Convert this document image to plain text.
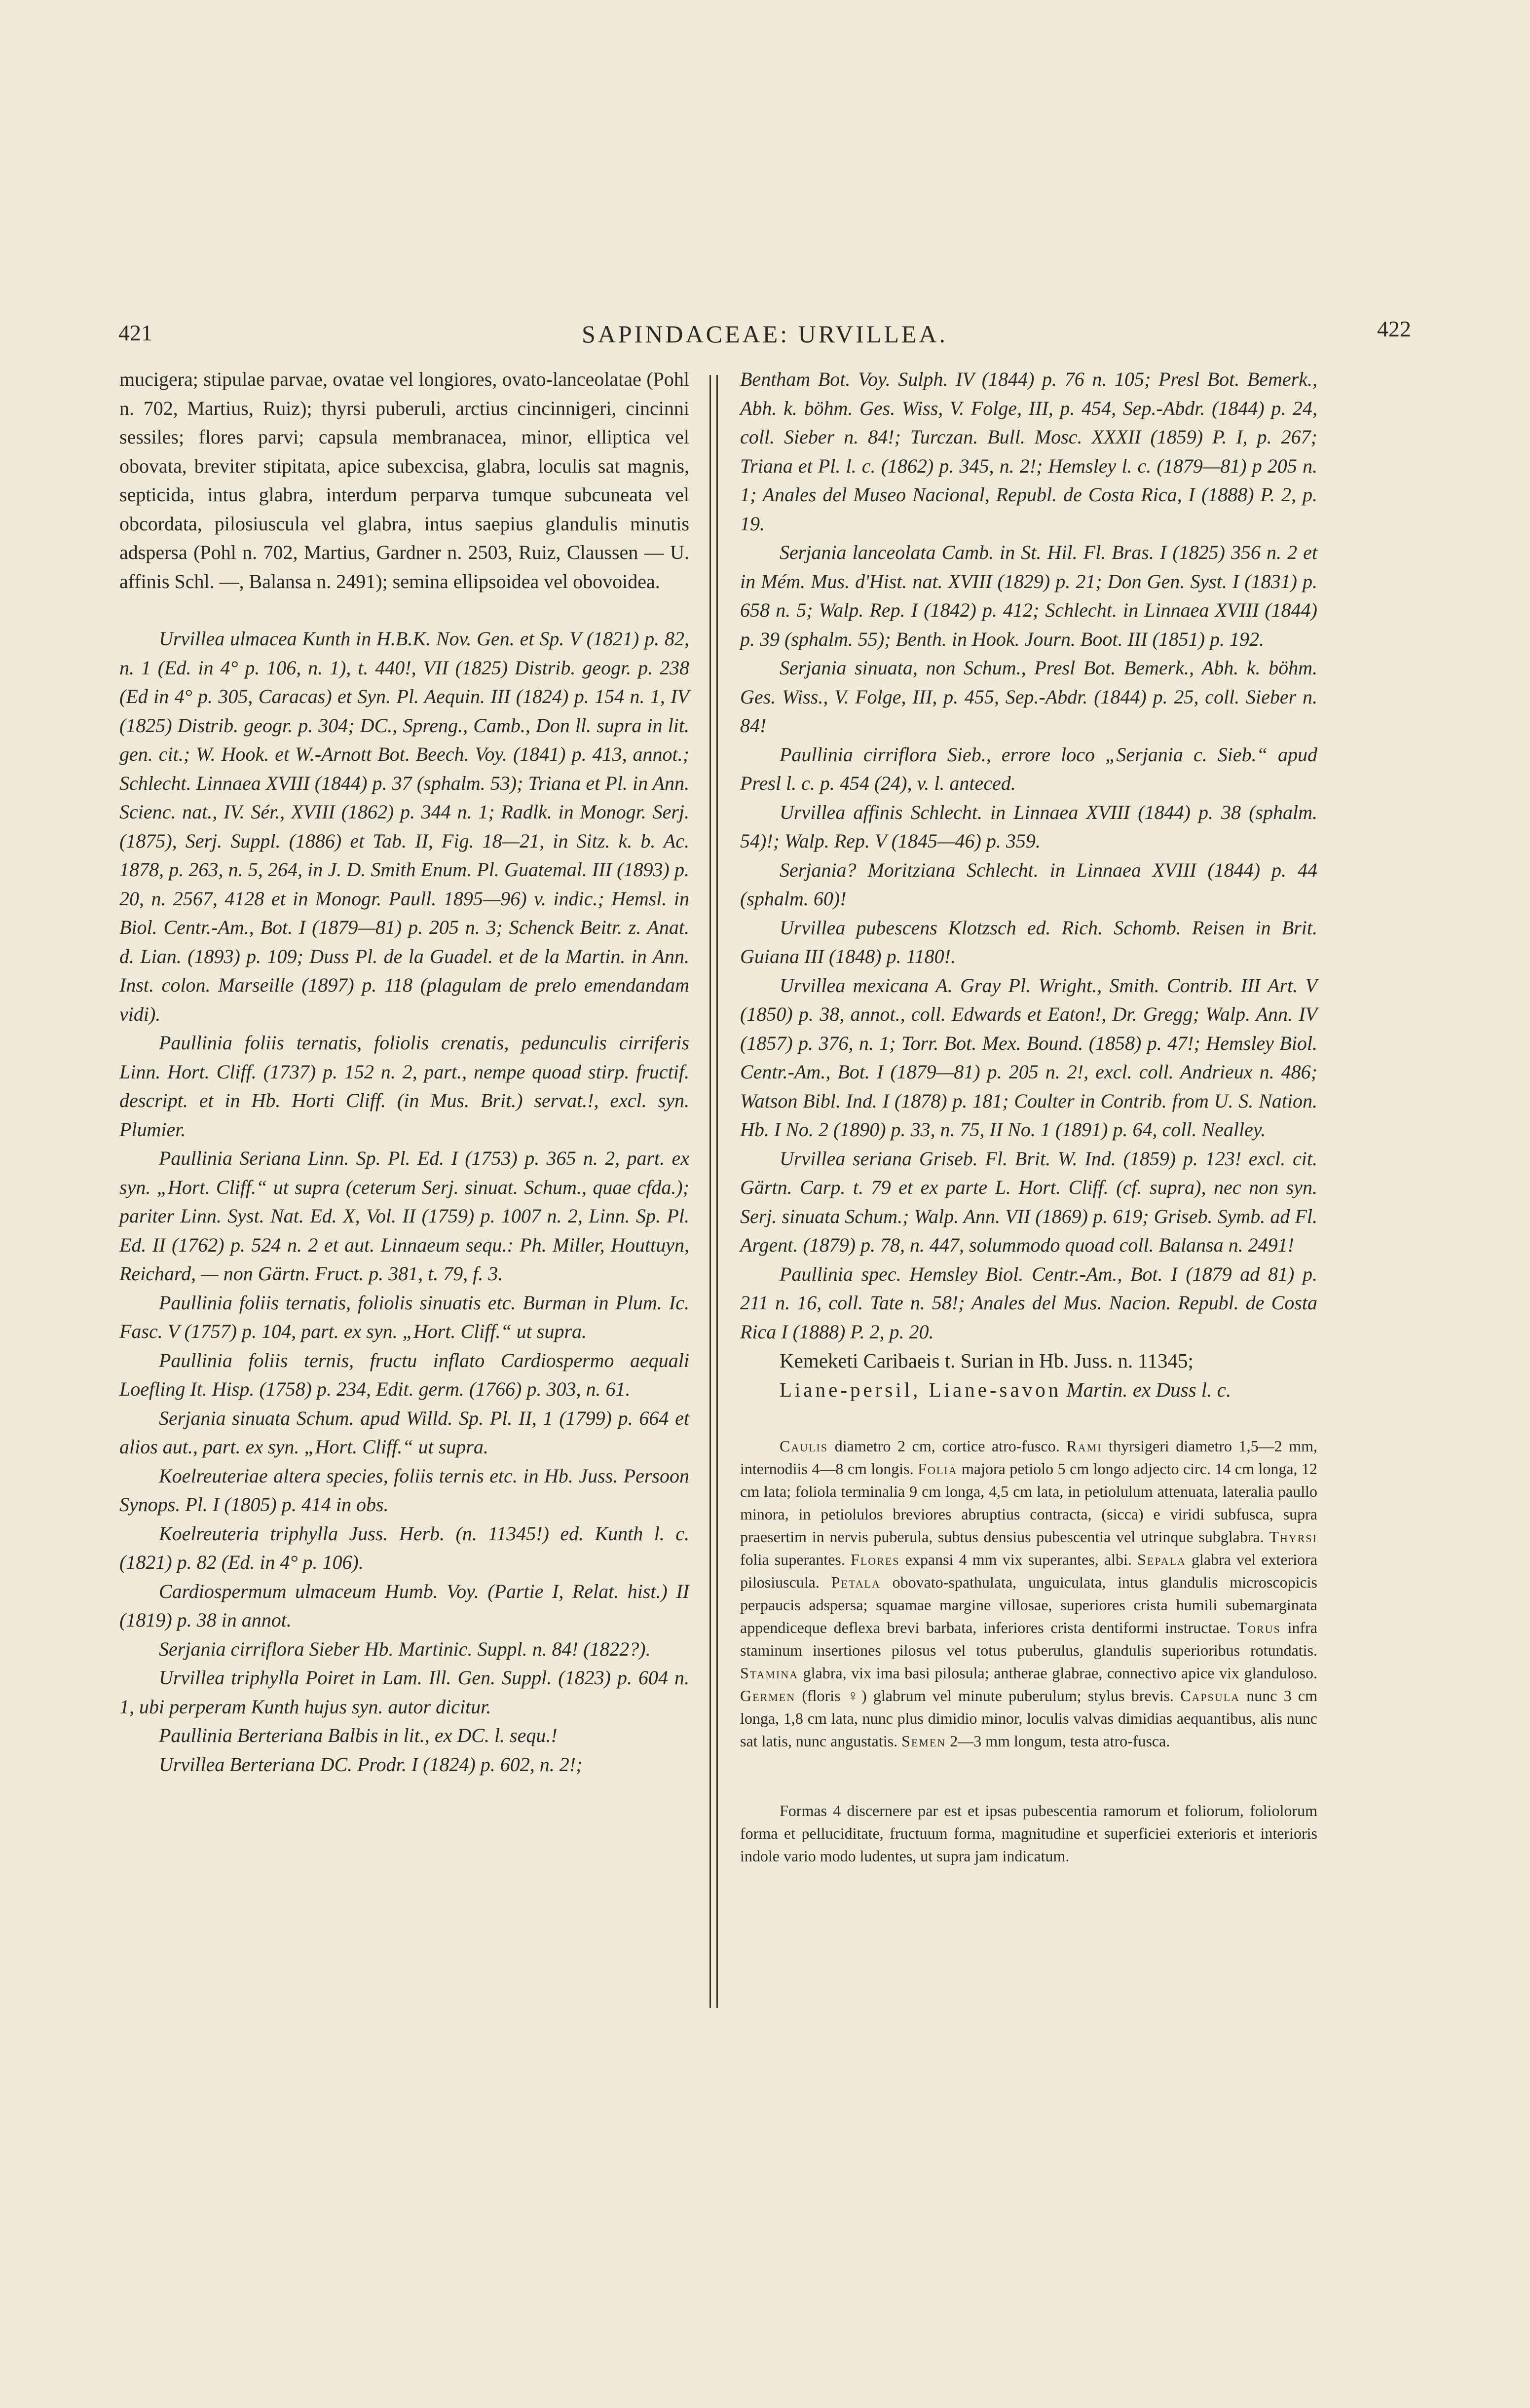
421	SAPINDACEAE: URVILLEA.	422

mucigera; stipulae parvae, ovatae vel longiores, ovato-lanceolatae (Pohl n. 702, Martius, Ruiz); thyrsi puberuli, arctius cincinnigeri, cincinni sessiles; flores parvi; capsula membranacea, minor, elliptica vel obovata, breviter stipitata, apice subexcisa, glabra, loculis sat magnis, septicida, intus glabra, interdum perparva tumque subcuneata vel obcordata, pilosiuscula vel glabra, intus saepius glandulis minutis adspersa (Pohl n. 702, Martius, Gardner n. 2503, Ruiz, Claussen — U. affinis Schl. —, Balansa n. 2491); semina ellipsoidea vel obovoidea.

Urvillea ulmacea Kunth in H.B.K. Nov. Gen. et Sp. V (1821) p. 82, n. 1 (Ed. in 4° p. 106, n. 1), t. 440!, VII (1825) Distrib. geogr. p. 238 (Ed in 4° p. 305, Caracas) et Syn. Pl. Aequin. III (1824) p. 154 n. 1, IV (1825) Distrib. geogr. p. 304; DC., Spreng., Camb., Don ll. supra in lit. gen. cit.; W. Hook. et W.-Arnott Bot. Beech. Voy. (1841) p. 413, annot.; Schlecht. Linnaea XVIII (1844) p. 37 (sphalm. 53); Triana et Pl. in Ann. Scienc. nat., IV. Sér., XVIII (1862) p. 344 n. 1; Radlk. in Monogr. Serj. (1875), Serj. Suppl. (1886) et Tab. II, Fig. 18—21, in Sitz. k. b. Ac. 1878, p. 263, n. 5, 264, in J. D. Smith Enum. Pl. Guatemal. III (1893) p. 20, n. 2567, 4128 et in Monogr. Paull. 1895—96) v. indic.; Hemsl. in Biol. Centr.-Am., Bot. I (1879—81) p. 205 n. 3; Schenck Beitr. z. Anat. d. Lian. (1893) p. 109; Duss Pl. de la Guadel. et de la Martin. in Ann. Inst. colon. Marseille (1897) p. 118 (plagulam de prelo emendandam vidi).

Paullinia foliis ternatis, foliolis crenatis, pedunculis cirriferis Linn. Hort. Cliff. (1737) p. 152 n. 2, part., nempe quoad stirp. fructif. descript. et in Hb. Horti Cliff. (in Mus. Brit.) servat.!, excl. syn. Plumier.

Paullinia Seriana Linn. Sp. Pl. Ed. I (1753) p. 365 n. 2, part. ex syn. „Hort. Cliff.“ ut supra (ceterum Serj. sinuat. Schum., quae cfda.); pariter Linn. Syst. Nat. Ed. X, Vol. II (1759) p. 1007 n. 2, Linn. Sp. Pl. Ed. II (1762) p. 524 n. 2 et aut. Linnaeum sequ.: Ph. Miller, Houttuyn, Reichard, — non Gärtn. Fruct. p. 381, t. 79, f. 3.

Paullinia foliis ternatis, foliolis sinuatis etc. Burman in Plum. Ic. Fasc. V (1757) p. 104, part. ex syn. „Hort. Cliff.“ ut supra.

Paullinia foliis ternis, fructu inflato Cardiospermo aequali Loefling It. Hisp. (1758) p. 234, Edit. germ. (1766) p. 303, n. 61.

Serjania sinuata Schum. apud Willd. Sp. Pl. II, 1 (1799) p. 664 et alios aut., part. ex syn. „Hort. Cliff.“ ut supra.

Koelreuteriae altera species, foliis ternis etc. in Hb. Juss. Persoon Synops. Pl. I (1805) p. 414 in obs.

Koelreuteria triphylla Juss. Herb. (n. 11345!) ed. Kunth l. c. (1821) p. 82 (Ed. in 4° p. 106).

Cardiospermum ulmaceum Humb. Voy. (Partie I, Relat. hist.) II (1819) p. 38 in annot.

Serjania cirriflora Sieber Hb. Martinic. Suppl. n. 84! (1822?).

Urvillea triphylla Poiret in Lam. Ill. Gen. Suppl. (1823) p. 604 n. 1, ubi perperam Kunth hujus syn. autor dicitur.

Paullinia Berteriana Balbis in lit., ex DC. l. sequ.!

Urvillea Berteriana DC. Prodr. I (1824) p. 602, n. 2!;

Bentham Bot. Voy. Sulph. IV (1844) p. 76 n. 105; Presl Bot. Bemerk., Abh. k. böhm. Ges. Wiss, V. Folge, III, p. 454, Sep.-Abdr. (1844) p. 24, coll. Sieber n. 84!; Turczan. Bull. Mosc. XXXII (1859) P. I, p. 267; Triana et Pl. l. c. (1862) p. 345, n. 2!; Hemsley l. c. (1879—81) p 205 n. 1; Anales del Museo Nacional, Republ. de Costa Rica, I (1888) P. 2, p. 19.

Serjania lanceolata Camb. in St. Hil. Fl. Bras. I (1825) 356 n. 2 et in Mém. Mus. d'Hist. nat. XVIII (1829) p. 21; Don Gen. Syst. I (1831) p. 658 n. 5; Walp. Rep. I (1842) p. 412; Schlecht. in Linnaea XVIII (1844) p. 39 (sphalm. 55); Benth. in Hook. Journ. Boot. III (1851) p. 192.

Serjania sinuata, non Schum., Presl Bot. Bemerk., Abh. k. böhm. Ges. Wiss., V. Folge, III, p. 455, Sep.-Abdr. (1844) p. 25, coll. Sieber n. 84!

Paullinia cirriflora Sieb., errore loco „Serjania c. Sieb.“ apud Presl l. c. p. 454 (24), v. l. anteced.

Urvillea affinis Schlecht. in Linnaea XVIII (1844) p. 38 (sphalm. 54)!; Walp. Rep. V (1845—46) p. 359.

Serjania? Moritziana Schlecht. in Linnaea XVIII (1844) p. 44 (sphalm. 60)!

Urvillea pubescens Klotzsch ed. Rich. Schomb. Reisen in Brit. Guiana III (1848) p. 1180!.

Urvillea mexicana A. Gray Pl. Wright., Smith. Contrib. III Art. V (1850) p. 38, annot., coll. Edwards et Eaton!, Dr. Gregg; Walp. Ann. IV (1857) p. 376, n. 1; Torr. Bot. Mex. Bound. (1858) p. 47!; Hemsley Biol. Centr.-Am., Bot. I (1879—81) p. 205 n. 2!, excl. coll. Andrieux n. 486; Watson Bibl. Ind. I (1878) p. 181; Coulter in Contrib. from U. S. Nation. Hb. I No. 2 (1890) p. 33, n. 75, II No. 1 (1891) p. 64, coll. Nealley.

Urvillea seriana Griseb. Fl. Brit. W. Ind. (1859) p. 123! excl. cit. Gärtn. Carp. t. 79 et ex parte L. Hort. Cliff. (cf. supra), nec non syn. Serj. sinuata Schum.; Walp. Ann. VII (1869) p. 619; Griseb. Symb. ad Fl. Argent. (1879) p. 78, n. 447, solummodo quoad coll. Balansa n. 2491!

Paullinia spec. Hemsley Biol. Centr.-Am., Bot. I (1879 ad 81) p. 211 n. 16, coll. Tate n. 58!; Anales del Mus. Nacion. Republ. de Costa Rica I (1888) P. 2, p. 20.

Kemeketi Caribaeis t. Surian in Hb. Juss. n. 11345;

Liane-persil, Liane-savon Martin. ex Duss l. c.

Caulis diametro 2 cm, cortice atro-fusco. Rami thyrsigeri diametro 1,5—2 mm, internodiis 4—8 cm longis. Folia majora petiolo 5 cm longo adjecto circ. 14 cm longa, 12 cm lata; foliola terminalia 9 cm longa, 4,5 cm lata, in petiolulum attenuata, lateralia paullo minora, in petiolulos breviores abruptius contracta, (sicca) e viridi subfusca, supra praesertim in nervis puberula, subtus densius pubescentia vel utrinque subglabra. Thyrsi folia superantes. Flores expansi 4 mm vix superantes, albi. Sepala glabra vel exteriora pilosiuscula. Petala obovato-spathulata, unguiculata, intus glandulis microscopicis perpaucis adspersa; squamae margine villosae, superiores crista humili subemarginata appendiceque deflexa brevi barbata, inferiores crista dentiformi instructae. Torus infra staminum insertiones pilosus vel totus puberulus, glandulis superioribus rotundatis. Stamina glabra, vix ima basi pilosula; antherae glabrae, connectivo apice vix glanduloso. Germen (floris ♀) glabrum vel minute puberulum; stylus brevis. Capsula nunc 3 cm longa, 1,8 cm lata, nunc plus dimidio minor, loculis valvas dimidias aequantibus, alis nunc sat latis, nunc angustatis. Semen 2—3 mm longum, testa atro-fusca.

Formas 4 discernere par est et ipsas pubescentia ramorum et foliorum, foliolorum forma et pelluciditate, fructuum forma, magnitudine et superficiei exterioris et interioris indole vario modo ludentes, ut supra jam indicatum.
